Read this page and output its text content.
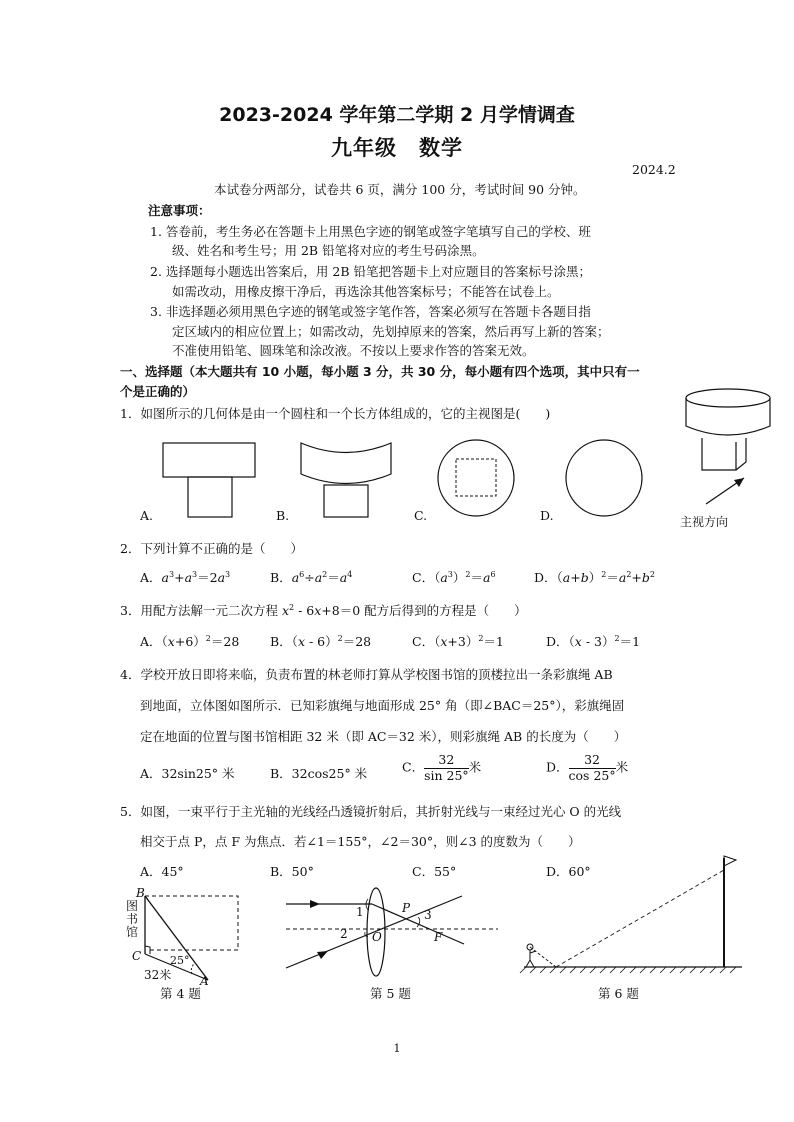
2023-2024 学年第二学期 2 月学情调查
九年级　数学
2024.2
本试卷分两部分，试卷共 6 页，满分 100 分，考试时间 90 分钟。
注意事项：
1. 答卷前，考生务必在答题卡上用黑色字迹的钢笔或签字笔填写自己的学校、班
级、姓名和考生号；用 2B 铅笔将对应的考生号码涂黑。
2. 选择题每小题选出答案后，用 2B 铅笔把答题卡上对应题目的答案标号涂黑；
如需改动，用橡皮擦干净后，再选涂其他答案标号；不能答在试卷上。
3. 非选择题必须用黑色字迹的钢笔或签字笔作答，答案必须写在答题卡各题目指
定区域内的相应位置上；如需改动，先划掉原来的答案，然后再写上新的答案；
不准使用铅笔、圆珠笔和涂改液。不按以上要求作答的答案无效。
一、选择题（本大题共有 10 小题，每小题 3 分，共 30 分，每小题有四个选项，其中只有一
个是正确的）
1．如图所示的几何体是由一个圆柱和一个长方体组成的，它的主视图是(　　)
A.	B.	C.	D.	主视方向
2．下列计算不正确的是（　　）
A．$a^3+a^3=2a^3$	B．$a^6\div a^2=a^4$	C．$(a^3)^2=a^6$	D．$(a+b)^2=a^2+b^2$
3．用配方法解一元二次方程 $x^2 - 6x+8=0$ 配方后得到的方程是（　　）
A．$(x+6)^2=28$ B．（x - 6）$^2$＝28	C．$(x+3)^2=1$	D．（x - 3）$^2$＝1
4．学校开放日即将来临，负责布置的林老师打算从学校图书馆的顶楼拉出一条彩旗绳 AB
到地面，立体图如图所示．已知彩旗绳与地面形成 25° 角（即∠BAC＝25°），彩旗绳固
定在地面的位置与图书馆相距 32 米（即 AC＝32 米），则彩旗绳 AB 的长度为（　　）
A．32sin25° 米	B．32cos25° 米	C． $\frac{32}{\sin 25^\circ}$ 米	D． $\frac{32}{\cos 25^\circ}$ 米
5．如图，一束平行于主光轴的光线经凸透镜折射后，其折射光线与一束经过光心 O 的光线
相交于点 P，点 F 为焦点．若∠1＝155°，∠2＝30°，则∠3 的度数为（　　）
A．45°	B．50°	C．55°	D．60°
B
图
书
馆
C	25°
32米 A
第 4 题
1
2
P 3
O	F
第 5 题	第 6 题
1
